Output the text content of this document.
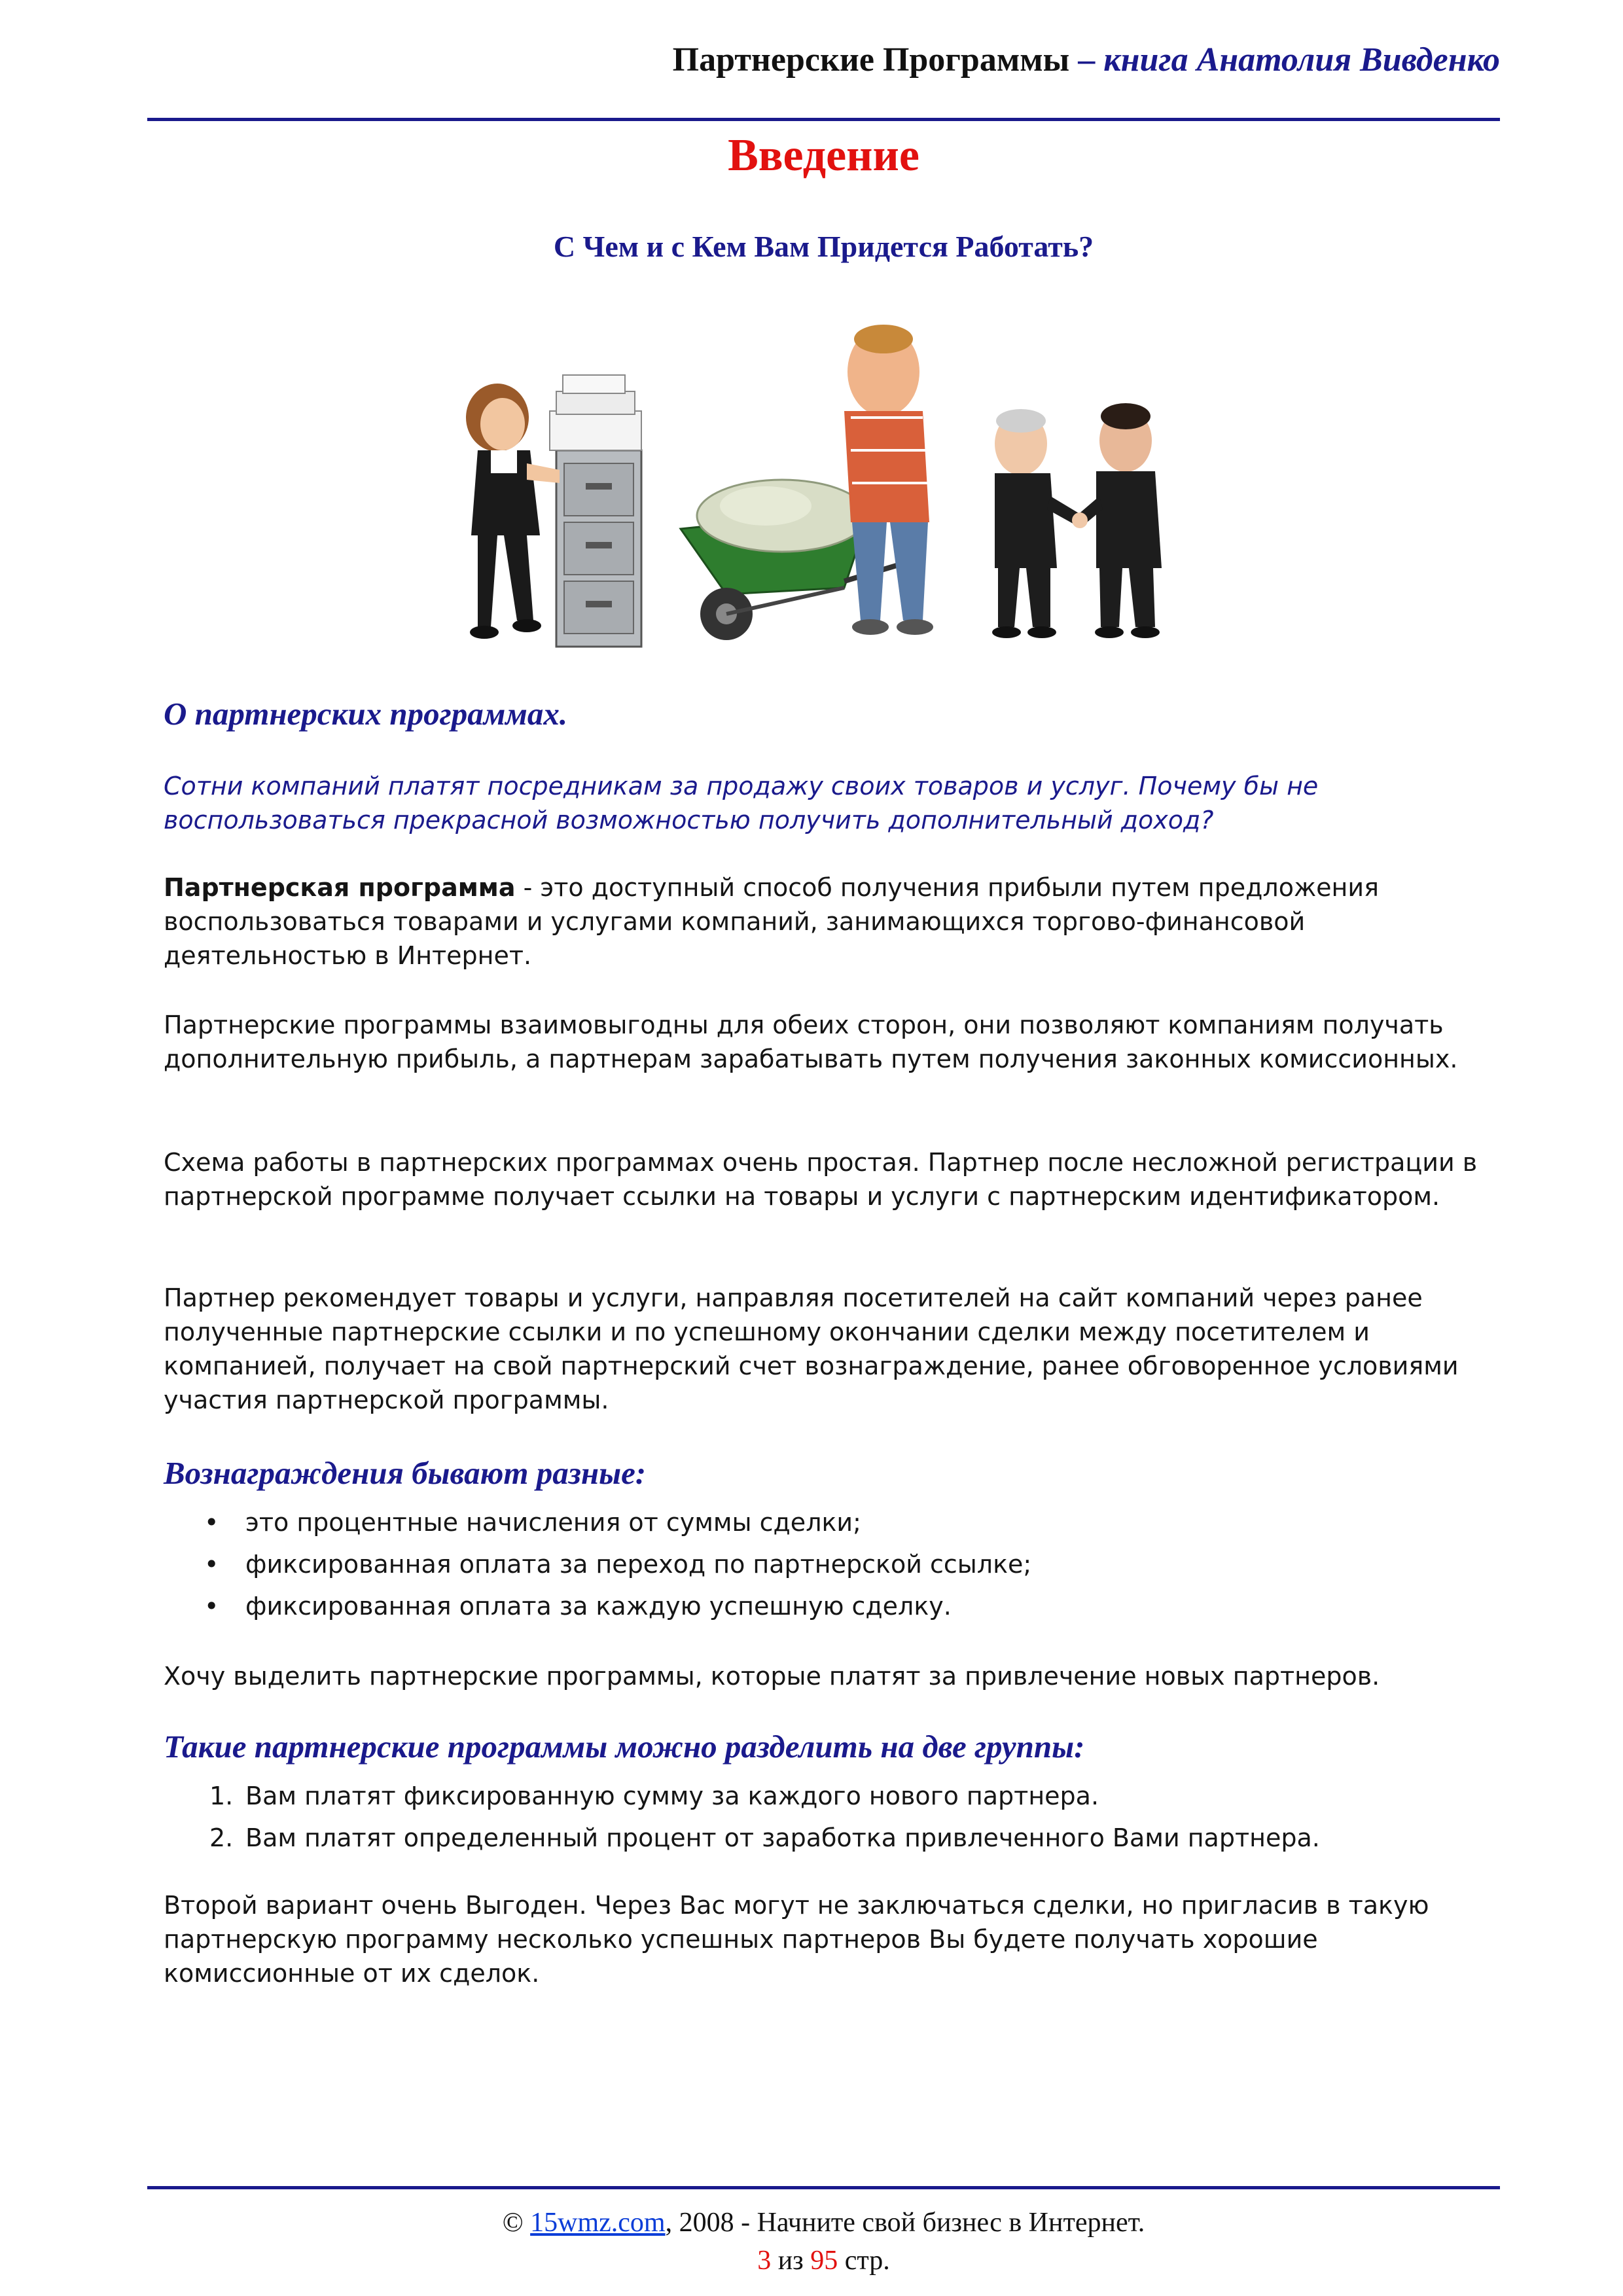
Партнерские Программы – книга Анатолия Вивденко
Введение
С Чем и с Кем Вам Придется Работать?
О партнерских программах.
Сотни компаний платят посредникам за продажу своих товаров и услуг. Почему бы не воспользоваться прекрасной возможностью получить дополнительный доход?
Партнерская программа - это доступный способ получения прибыли путем предложения воспользоваться товарами и услугами компаний, занимающихся торгово-финансовой деятельностью в Интернет.
Партнерские программы взаимовыгодны для обеих сторон, они позволяют компаниям получать дополнительную прибыль, а партнерам зарабатывать путем получения законных комиссионных.
Схема работы в партнерских программах очень простая. Партнер после несложной регистрации в партнерской программе получает ссылки на товары и услуги с партнерским идентификатором.
Партнер рекомендует товары и услуги, направляя посетителей на сайт компаний через ранее полученные партнерские ссылки и по успешному окончании сделки между посетителем и компанией, получает на свой партнерский счет вознаграждение, ранее обговоренное условиями участия партнерской программы.
Вознаграждения бывают разные:
•	это процентные начисления от суммы сделки;
•	фиксированная оплата за переход по партнерской ссылке;
•	фиксированная оплата за каждую успешную сделку.
Хочу выделить партнерские программы, которые платят за привлечение новых партнеров.
Такие партнерские программы можно разделить на две группы:
1. Вам платят фиксированную сумму за каждого нового партнера.
2. Вам платят определенный процент от заработка привлеченного Вами партнера.
Второй вариант очень Выгоден. Через Вас могут не заключаться сделки, но пригласив в такую партнерскую программу несколько успешных партнеров Вы будете получать хорошие комиссионные от их сделок.
© 15wmz.com, 2008 - Начните свой бизнес в Интернет.
3 из 95 стр.
